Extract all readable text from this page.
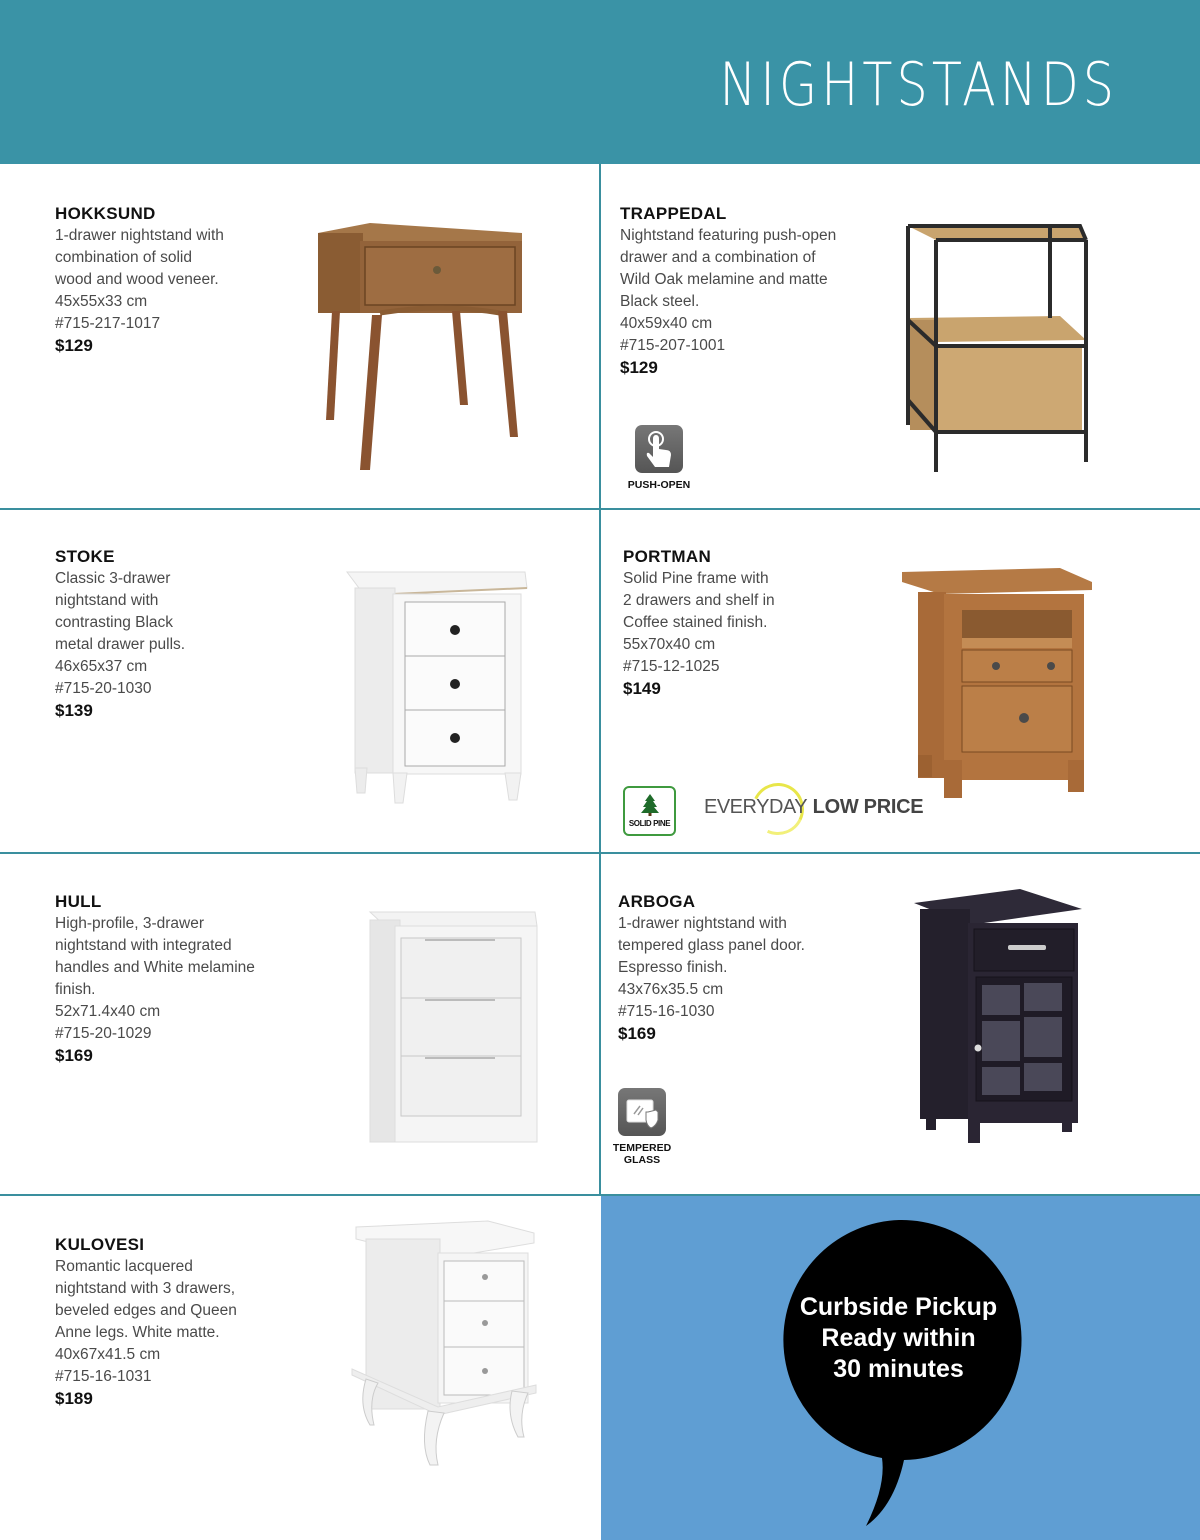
NIGHTSTANDS
HOKKSUND
1-drawer nightstand with
combination of solid
wood and wood veneer.
45x55x33 cm
#715-217-1017
$129
TRAPPEDAL
Nightstand featuring push-open
drawer and a combination of
Wild Oak melamine and matte
Black steel.
40x59x40 cm
#715-207-1001
$129
PUSH-OPEN
STOKE
Classic 3-drawer
nightstand with
contrasting Black
metal drawer pulls.
46x65x37 cm
#715-20-1030
$139
PORTMAN
Solid Pine frame with
2 drawers and shelf in
Coffee stained finish.
55x70x40 cm
#715-12-1025
$149
SOLID PINE
EVERYDAY LOW PRICE
HULL
High-profile, 3-drawer
nightstand with integrated
handles and White melamine
finish.
52x71.4x40 cm
#715-20-1029
$169
ARBOGA
1-drawer nightstand with
tempered glass panel door.
Espresso finish.
43x76x35.5 cm
#715-16-1030
$169
TEMPERED
GLASS
KULOVESI
Romantic lacquered
nightstand with 3 drawers,
beveled edges and Queen
Anne legs. White matte.
40x67x41.5 cm
#715-16-1031
$189
Curbside Pickup
Ready within
30 minutes
